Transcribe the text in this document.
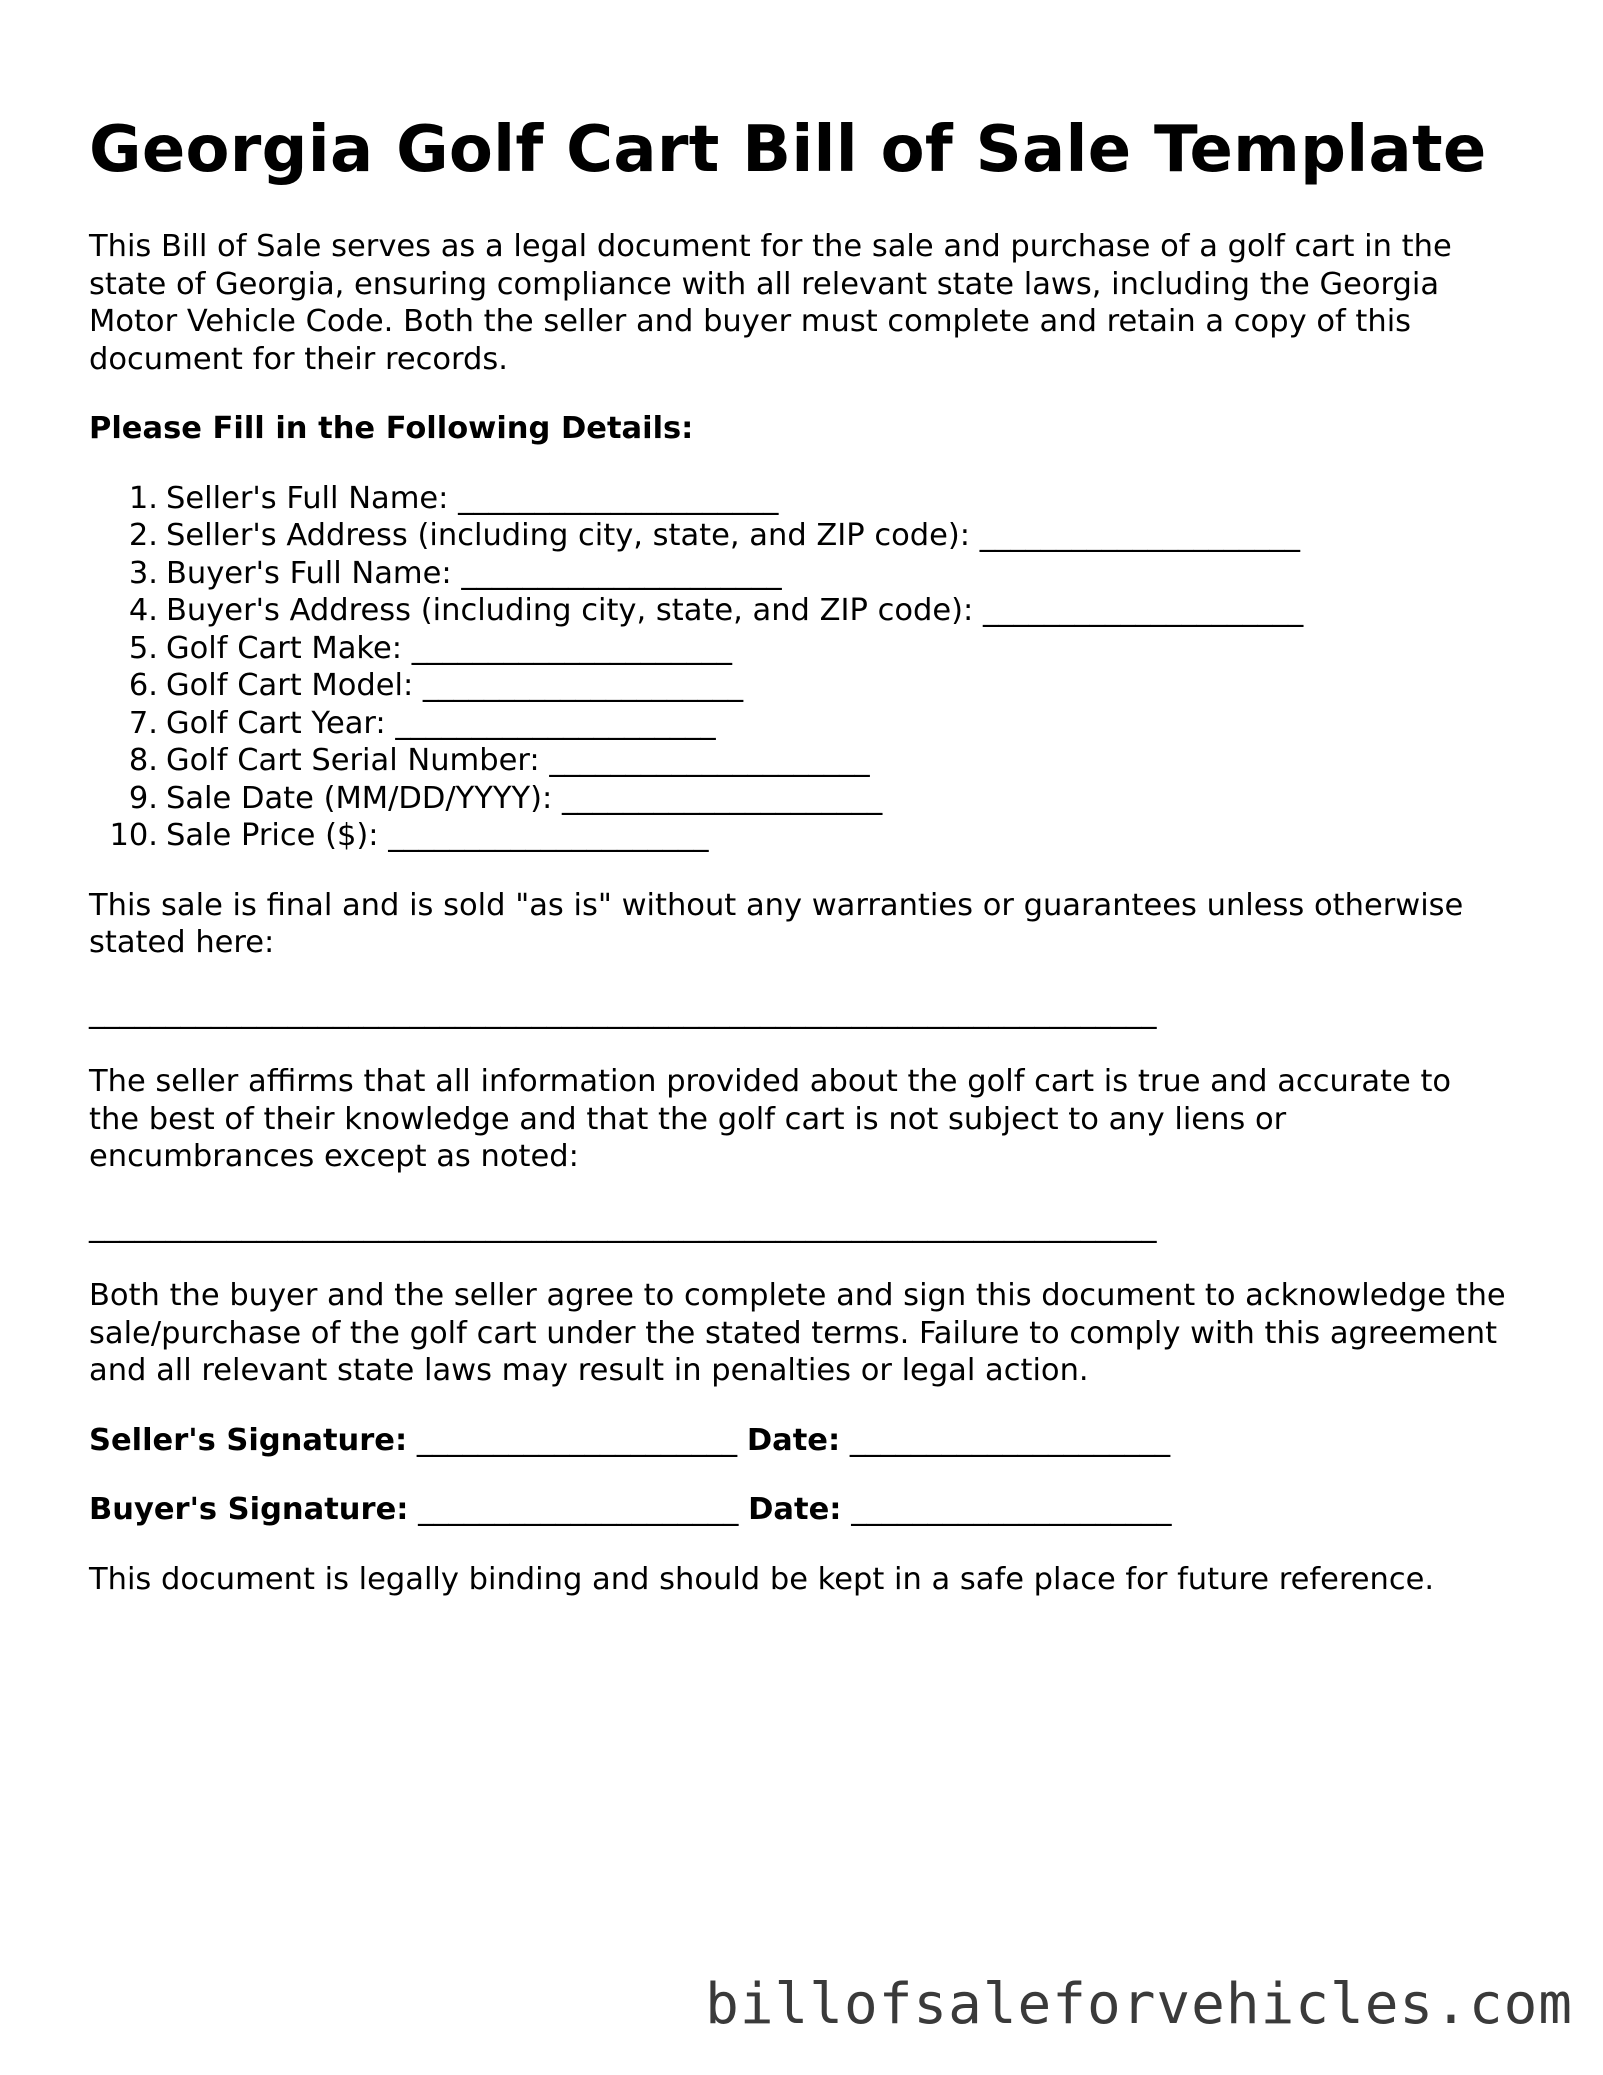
Georgia Golf Cart Bill of Sale Template

This Bill of Sale serves as a legal document for the sale and purchase of a golf cart in the state of Georgia, ensuring compliance with all relevant state laws, including the Georgia Motor Vehicle Code. Both the seller and buyer must complete and retain a copy of this document for their records.

Please Fill in the Following Details:

1. Seller's Full Name: _____________________
2. Seller's Address (including city, state, and ZIP code): _____________________
3. Buyer's Full Name: _____________________
4. Buyer's Address (including city, state, and ZIP code): _____________________
5. Golf Cart Make: _____________________
6. Golf Cart Model: _____________________
7. Golf Cart Year: _____________________
8. Golf Cart Serial Number: _____________________
9. Sale Date (MM/DD/YYYY): _____________________
10. Sale Price ($): _____________________

This sale is final and is sold "as is" without any warranties or guarantees unless otherwise stated here:

______________________________________________________________________

The seller affirms that all information provided about the golf cart is true and accurate to the best of their knowledge and that the golf cart is not subject to any liens or encumbrances except as noted:

______________________________________________________________________

Both the buyer and the seller agree to complete and sign this document to acknowledge the sale/purchase of the golf cart under the stated terms. Failure to comply with this agreement and all relevant state laws may result in penalties or legal action.

Seller's Signature: _____________________ Date: _____________________
Buyer's Signature: _____________________ Date: _____________________

This document is legally binding and should be kept in a safe place for future reference.

billofsaleforvehicles.com
